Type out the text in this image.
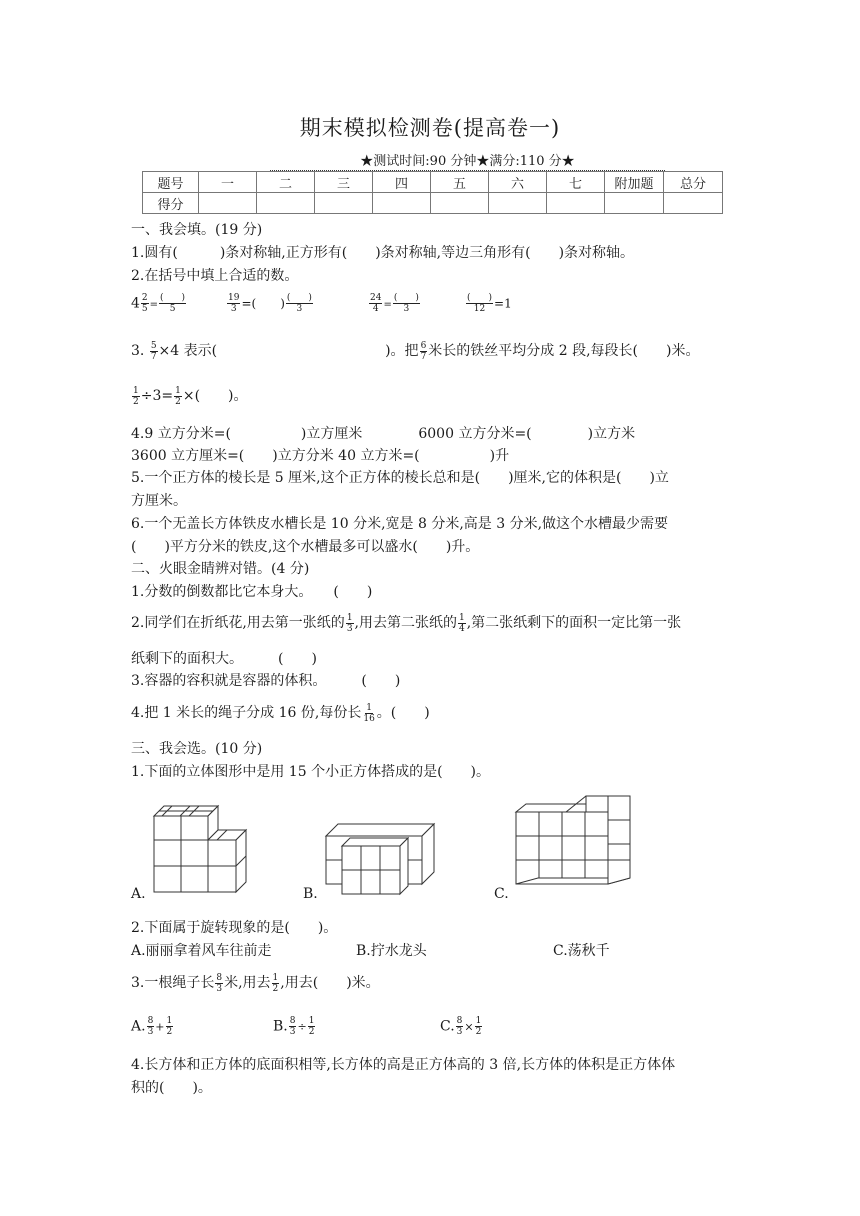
期末模拟检测卷(提高卷一)
★测试时间:90 分钟★满分:110 分★
题号	一	二	三	四	五	六	七	附加题	总分
得分									
一、我会填。(19 分)
1.圆有(　　　)条对称轴,正方形有(　　)条对称轴,等边三角形有(　　)条对称轴。
2.在括号中填上合适的数。
$4 \frac{2}{5} = \frac{( )}{5}$	$\frac{19}{3}$ =(　　) $\frac{( )}{3}$	$\frac{24}{4} = \frac{( )}{3}$	$\frac{( )}{12} =1$
3. $\frac{5}{7} \times 4$ 表示(　　　　　　　　　　　　)。把 $\frac{6}{7}$ 米长的铁丝平均分成 2 段,每段长(　　)米。
$\frac{1}{2} \div 3= \frac{1}{2}$ ×(　　)。
4.9 立方分米=(　　　　　)立方厘米　　　　6000 立方分米=(　　　　)立方米
3600 立方厘米=(　　)立方分米 40 立方米=(　　　　　)升
5.一个正方体的棱长是 5 厘米,这个正方体的棱长总和是(　　)厘米,它的体积是(　　)立
方厘米。
6.一个无盖长方体铁皮水槽长是 10 分米,宽是 8 分米,高是 3 分米,做这个水槽最少需要
(　　)平方分米的铁皮,这个水槽最多可以盛水(　　)升。
二、火眼金睛辨对错。(4 分)
1.分数的倒数都比它本身大。　　(　　)
2.同学们在折纸花,用去第一张纸的 $\frac{1}{3}$ ,用去第二张纸的 $\frac{1}{4}$ ,第二张纸剩下的面积一定比第一张
纸剩下的面积大。　　　(　　)
3.容器的容积就是容器的体积。　　　(　　)
4.把 1 米长的绳子分成 16 份,每份长 $\frac{1}{16}$ 。(　　)
三、我会选。(10 分)
1.下面的立体图形中是用 15 个小正方体搭成的是(　　)。
A.	B.	C.
2.下面属于旋转现象的是(　　)。
A.丽丽拿着风车往前走	B.拧水龙头	C.荡秋千
3.一根绳子长 $\frac{8}{3}$ 米,用去 $\frac{1}{2}$ ,用去(　　)米。
A. $\frac{8}{3} + \frac{1}{2}$	B. $\frac{8}{3} \div \frac{1}{2}$	C. $\frac{8}{3} \times \frac{1}{2}$
4.长方体和正方体的底面积相等,长方体的高是正方体高的 3 倍,长方体的体积是正方体体
积的(　　)。
